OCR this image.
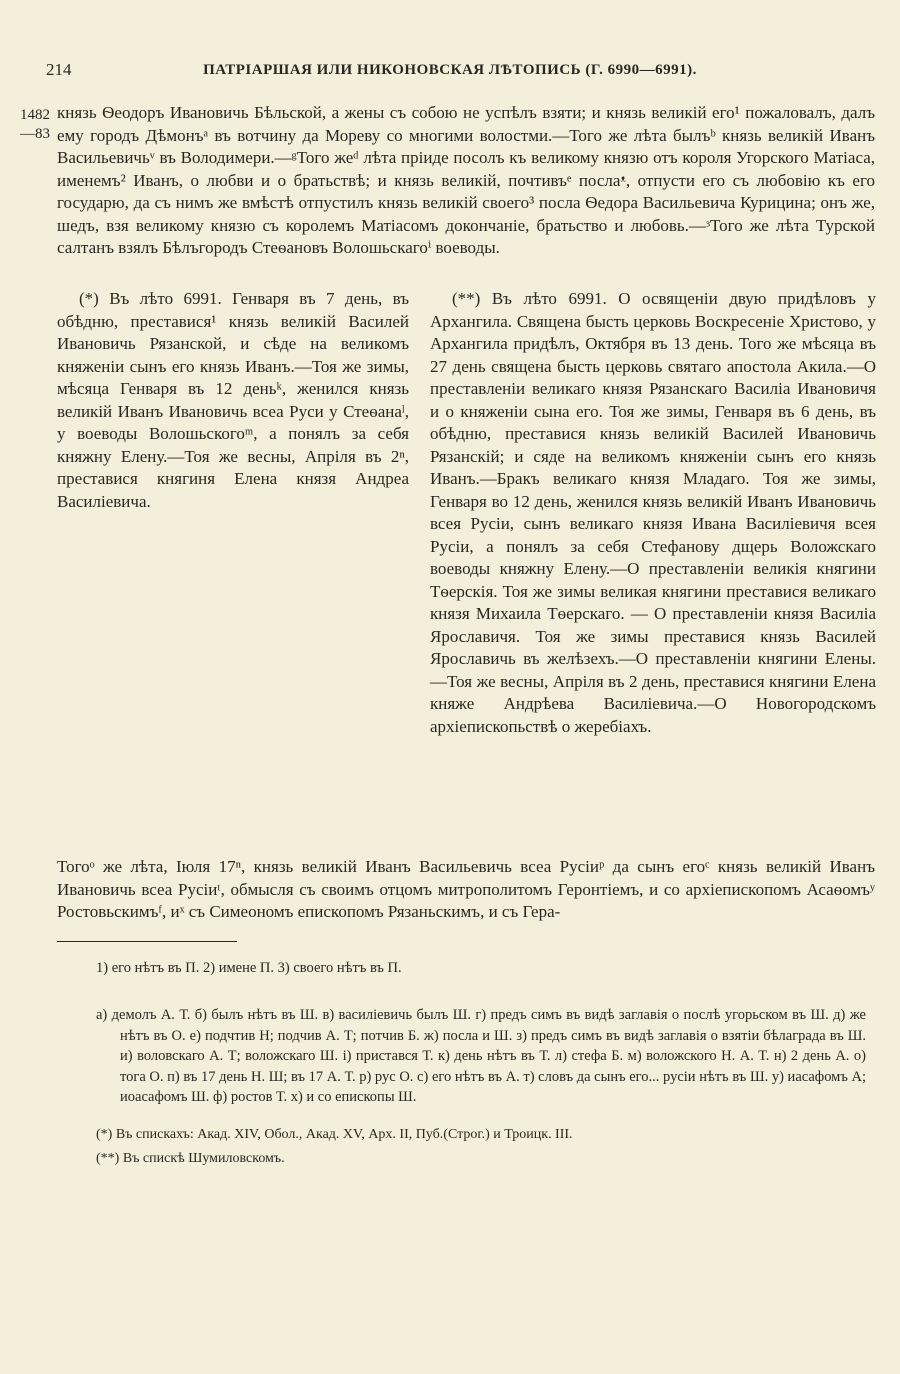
214	ПАТРІАРШАЯ ИЛИ НИКОНОВСКАЯ ЛѢТОПИСЬ (Г. 6990—6991).
1482
—83

князь Ѳеодоръ Ивановичь Бѣльской, а жены съ собою не успѣлъ взяти; и князь великій его¹ пожаловалъ, далъ ему городъ Дѣмонъᵃ въ вотчину да Мореву со многими волостми.—Того же лѣта былъᵇ князь великій Иванъ Васильевичьᵛ въ Володимери.—ᵍТого жеᵈ лѣта пріиде посолъ къ великому князю отъ короля Угорского Матіаса, именемъ² Иванъ, о любви и о братьствѣ; и князь великій, почтивъᵉ послаᵜ, отпусти его съ любовію къ его государю, да съ нимъ же вмѣстѣ отпустилъ князь великій своего³ посла Ѳедора Васильевича Курицина; онъ же, шедъ, взя великому князю съ королемъ Матіасомъ докончаніе, братьство и любовь.—ᶟТого же лѣта Турской салтанъ взялъ Бѣлъгородъ Стеѳановъ Волошьскагоⁱ воеводы.

(*) Въ лѣто 6991. Генваря въ 7 день, въ обѣдню, преставися¹ князь великій Василей Ивановичь Рязанской, и сѣде на великомъ княженіи сынъ его князь Иванъ.—Тоя же зимы, мѣсяца Генваря въ 12 деньᵏ, женился князь великій Иванъ Ивановичь всеа Руси у Стеѳанаˡ, у воеводы Волошьскогоᵐ, а понялъ за себя княжну Елену.—Тоя же весны, Апріля въ 2ⁿ, преставися княгиня Елена князя Андреа Василіевича.

(**) Въ лѣто 6991. О освященіи двую придѣловъ у Архангила. Священа бысть церковь Воскресеніе Христово, у Архангила придѣлъ, Октября въ 13 день. Того же мѣсяца въ 27 день священа бысть церковь святаго апостола Акила.—О преставленіи великаго князя Рязанскаго Василіа Ивановичя и о княженіи сына его. Тоя же зимы, Генваря въ 6 день, въ обѣдню, преставися князь великій Василей Ивановичь Рязанскій; и сяде на великомъ княженіи сынъ его князь Иванъ.—Бракъ великаго князя Младаго. Тоя же зимы, Генваря во 12 день, женился князь великій Иванъ Ивановичь всея Русіи, сынъ великаго князя Ивана Василіевичя всея Русіи, а понялъ за себя Стефанову дщерь Воложскаго воеводы княжну Елену.—О преставленіи великія княгини Тѳерскія. Тоя же зимы великая княгини преставися великаго князя Михаила Тѳерскаго. — О преставленіи князя Василіа Ярославичя. Тоя же зимы преставися князь Василей Ярославичь въ желѣзехъ.—О преставленіи княгини Елены.—Тоя же весны, Апріля въ 2 день, преставися княгини Елена княже Андрѣева Василіевича.—О Новогородскомъ архіепископьствѣ о жеребіахъ.

Тогоᵒ же лѣта, Іюля 17ⁿ, князь великій Иванъ Васильевичь всеа Русіиᵖ да сынъ егоᶜ князь великій Иванъ Ивановичь всеа Русіиᵗ, обмысля съ своимъ отцомъ митрополитомъ Геронтіемъ, и со архіепископомъ Асаѳомъʸ Ростовьскимъᶠ, иˣ съ Симеономъ епископомъ Рязаньскимъ, и съ Гера-

1) его нѣтъ въ П. 2) имене П. 3) своего нѣтъ въ П.
а) демолъ А. Т. б) былъ нѣтъ въ Ш. в) василіевичь былъ Ш. г) предъ симъ въ видѣ заглавія о послѣ угорьском въ Ш. д) же нѣтъ въ О. е) подчтив Н; подчив А. Т; потчив Б. ж) посла и Ш. з) предъ симъ въ видѣ заглавія о взятіи бѣлаграда въ Ш. и) воловскаго А. Т; воложскаго Ш. і) пристався Т. к) день нѣтъ въ Т. л) стефа Б. м) воложского Н. А. Т. н) 2 день А. о) тога О. п) въ 17 день Н. Ш; въ 17 А. Т. р) рус О. с) его нѣтъ въ А. т) словъ да сынъ его... русіи нѣтъ въ Ш. у) иасафомъ А; иоасафомъ Ш. ф) ростов Т. х) и со епископы Ш.
(*) Въ спискахъ: Акад. XIV, Обол., Акад. XV, Арх. II, Пуб.(Строг.) и Троицк. III.
(**) Въ спискѣ Шумиловскомъ.
